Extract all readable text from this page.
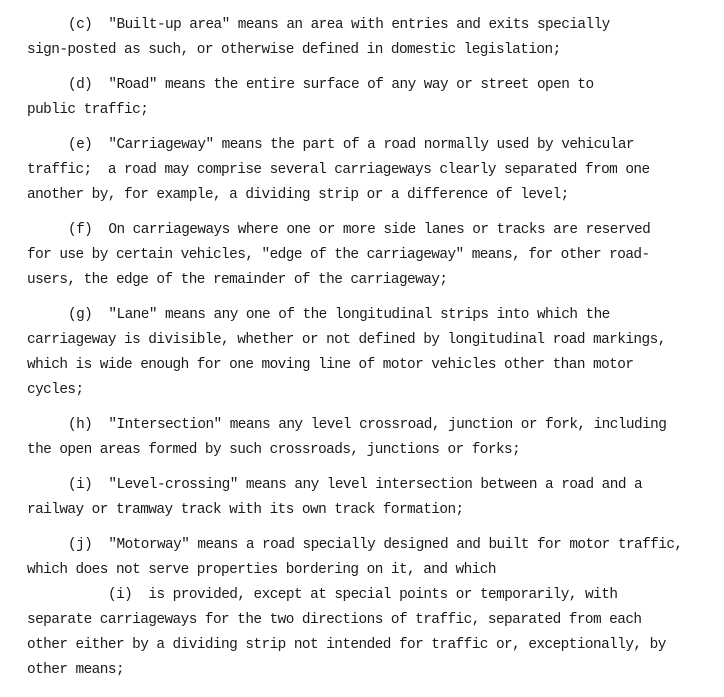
(c)  "Built-up area" means an area with entries and exits specially
sign-posted as such, or otherwise defined in domestic legislation;
(d)  "Road" means the entire surface of any way or street open to
public traffic;
(e)  "Carriageway" means the part of a road normally used by vehicular
traffic;  a road may comprise several carriageways clearly separated from one
another by, for example, a dividing strip or a difference of level;
(f)  On carriageways where one or more side lanes or tracks are reserved
for use by certain vehicles, "edge of the carriageway" means, for other road-
users, the edge of the remainder of the carriageway;
(g)  "Lane" means any one of the longitudinal strips into which the
carriageway is divisible, whether or not defined by longitudinal road markings,
which is wide enough for one moving line of motor vehicles other than motor
cycles;
(h)  "Intersection" means any level crossroad, junction or fork, including
the open areas formed by such crossroads, junctions or forks;
(i)  "Level-crossing" means any level intersection between a road and a
railway or tramway track with its own track formation;
(j)  "Motorway" means a road specially designed and built for motor traffic,
which does not serve properties bordering on it, and which
(i)  is provided, except at special points or temporarily, with
separate carriageways for the two directions of traffic, separated from each
other either by a dividing strip not intended for traffic or, exceptionally, by
other means;
